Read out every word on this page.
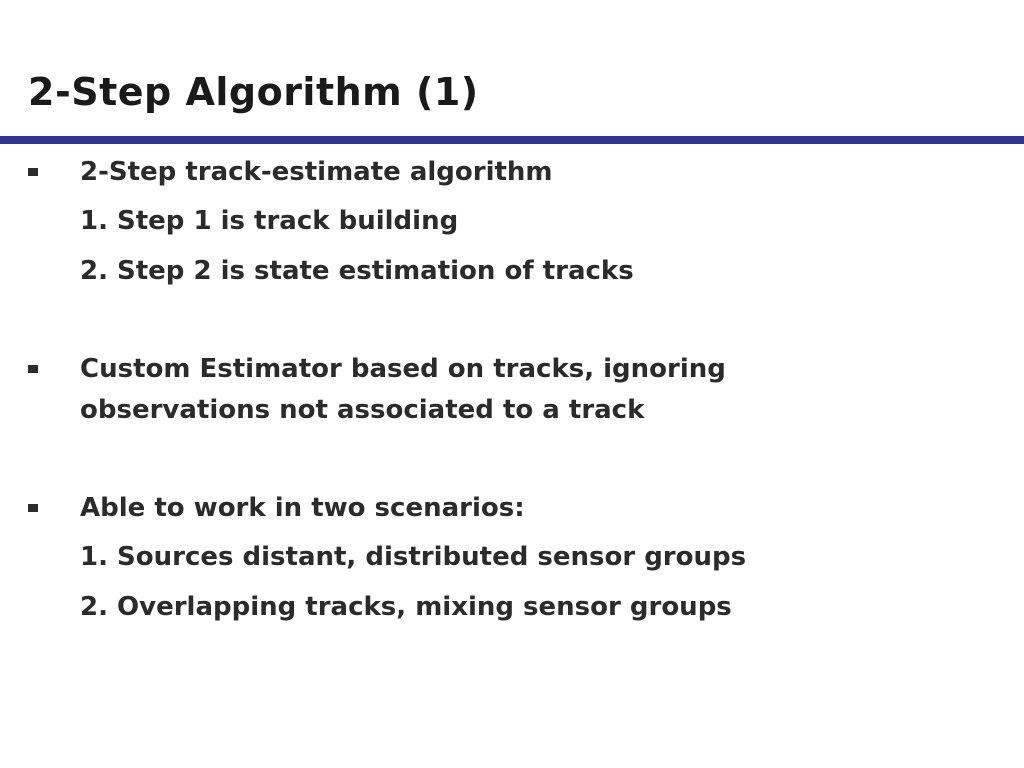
2-Step Algorithm (1)
2-Step track-estimate algorithm
1. Step 1 is track building
2. Step 2 is state estimation of tracks
Custom Estimator based on tracks, ignoring
observations not associated to a track
Able to work in two scenarios:
1. Sources distant, distributed sensor groups
2. Overlapping tracks, mixing sensor groups
